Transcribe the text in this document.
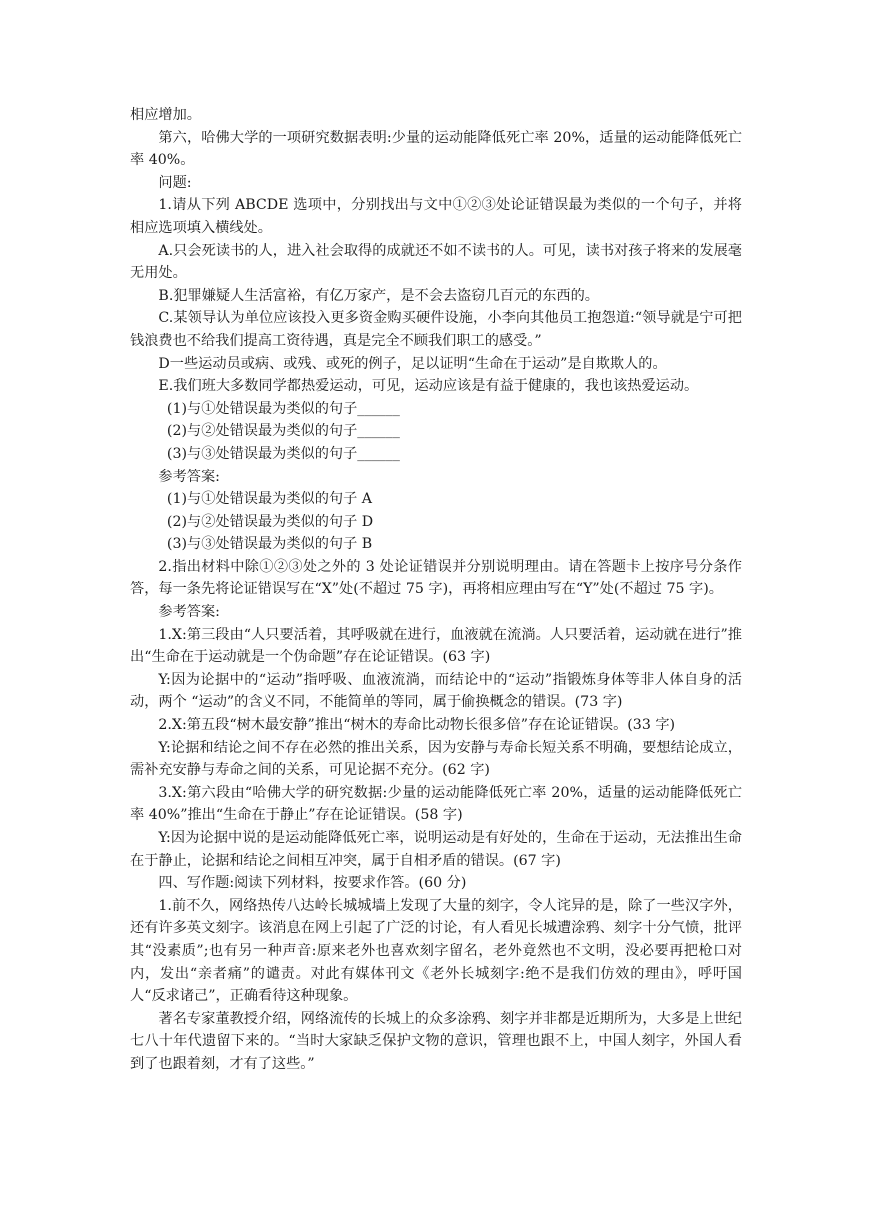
相应增加。

第六，哈佛大学的一项研究数据表明:少量的运动能降低死亡率 20%，适量的运动能降低死亡率 40%。

问题:

1.请从下列 ABCDE 选项中，分别找出与文中①②③处论证错误最为类似的一个句子，并将相应选项填入横线处。

A.只会死读书的人，进入社会取得的成就还不如不读书的人。可见，读书对孩子将来的发展毫无用处。

B.犯罪嫌疑人生活富裕，有亿万家产，是不会去盗窃几百元的东西的。

C.某领导认为单位应该投入更多资金购买硬件设施，小李向其他员工抱怨道:“领导就是宁可把钱浪费也不给我们提高工资待遇，真是完全不顾我们职工的感受。”

D一些运动员或病、或残、或死的例子，足以证明“生命在于运动”是自欺欺人的。

E.我们班大多数同学都热爱运动，可见，运动应该是有益于健康的，我也该热爱运动。

(1)与①处错误最为类似的句子______

(2)与②处错误最为类似的句子______

(3)与③处错误最为类似的句子______

参考答案:

(1)与①处错误最为类似的句子 A

(2)与②处错误最为类似的句子 D

(3)与③处错误最为类似的句子 B

2.指出材料中除①②③处之外的 3 处论证错误并分别说明理由。请在答题卡上按序号分条作答，每一条先将论证错误写在“X”处(不超过 75 字)，再将相应理由写在“Y”处(不超过 75 字)。

参考答案:

1.X:第三段由“人只要活着，其呼吸就在进行，血液就在流淌。人只要活着，运动就在进行”推出“生命在于运动就是一个伪命题”存在论证错误。(63 字)

Y:因为论据中的“运动”指呼吸、血液流淌，而结论中的“运动”指锻炼身体等非人体自身的活动，两个 “运动”的含义不同，不能简单的等同，属于偷换概念的错误。(73 字)

2.X:第五段“树木最安静”推出“树木的寿命比动物长很多倍”存在论证错误。(33 字)

Y:论据和结论之间不存在必然的推出关系，因为安静与寿命长短关系不明确，要想结论成立，需补充安静与寿命之间的关系，可见论据不充分。(62 字)

3.X:第六段由“哈佛大学的研究数据:少量的运动能降低死亡率 20%，适量的运动能降低死亡率 40%”推出“生命在于静止”存在论证错误。(58 字)

Y:因为论据中说的是运动能降低死亡率，说明运动是有好处的，生命在于运动，无法推出生命在于静止，论据和结论之间相互冲突，属于自相矛盾的错误。(67 字)

四、写作题:阅读下列材料，按要求作答。(60 分)

1.前不久，网络热传八达岭长城城墙上发现了大量的刻字，令人诧异的是，除了一些汉字外，还有许多英文刻字。该消息在网上引起了广泛的讨论，有人看见长城遭涂鸦、刻字十分气愤，批评其“没素质”;也有另一种声音:原来老外也喜欢刻字留名，老外竟然也不文明，没必要再把枪口对内，发出“亲者痛”的谴责。对此有媒体刊文《老外长城刻字:绝不是我们仿效的理由》，呼吁国人“反求诸己”，正确看待这种现象。

著名专家董教授介绍，网络流传的长城上的众多涂鸦、刻字并非都是近期所为，大多是上世纪七八十年代遗留下来的。“当时大家缺乏保护文物的意识，管理也跟不上，中国人刻字，外国人看到了也跟着刻，才有了这些。”
